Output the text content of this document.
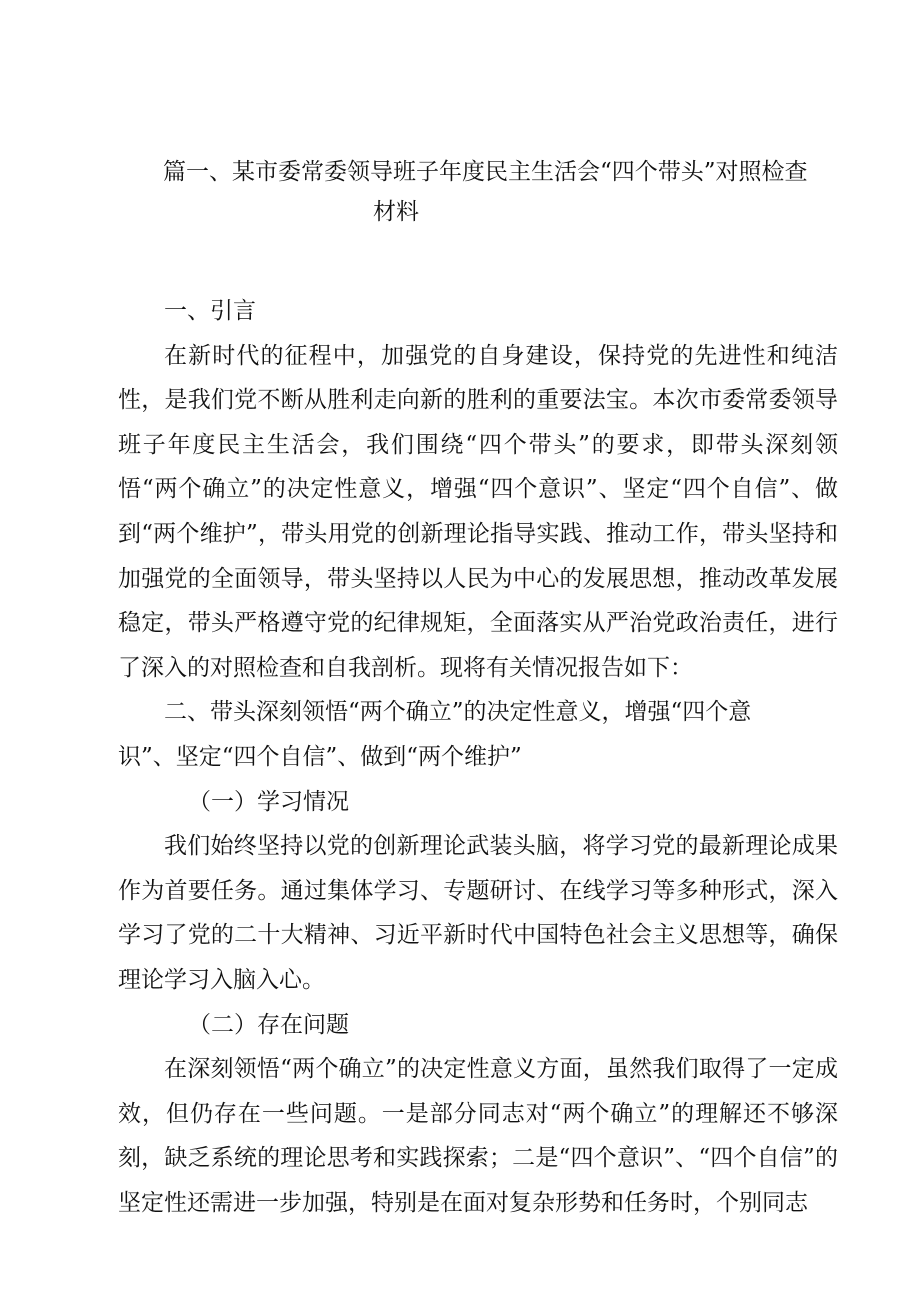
篇一、某市委常委领导班子年度民主生活会“四个带头”对照检查
材料

一、引言

在新时代的征程中，加强党的自身建设，保持党的先进性和纯洁性，是我们党不断从胜利走向新的胜利的重要法宝。本次市委常委领导班子年度民主生活会，我们围绕“四个带头”的要求，即带头深刻领悟“两个确立”的决定性意义，增强“四个意识”、坚定“四个自信”、做到“两个维护”，带头用党的创新理论指导实践、推动工作，带头坚持和加强党的全面领导，带头坚持以人民为中心的发展思想，推动改革发展稳定，带头严格遵守党的纪律规矩，全面落实从严治党政治责任，进行了深入的对照检查和自我剖析。现将有关情况报告如下：

二、带头深刻领悟“两个确立”的决定性意义，增强“四个意识”、坚定“四个自信”、做到“两个维护”

（一）学习情况

我们始终坚持以党的创新理论武装头脑，将学习党的最新理论成果作为首要任务。通过集体学习、专题研讨、在线学习等多种形式，深入学习了党的二十大精神、习近平新时代中国特色社会主义思想等，确保理论学习入脑入心。

（二）存在问题

在深刻领悟“两个确立”的决定性意义方面，虽然我们取得了一定成效，但仍存在一些问题。一是部分同志对“两个确立”的理解还不够深刻，缺乏系统的理论思考和实践探索；二是“四个意识”、“四个自信”的坚定性还需进一步加强，特别是在面对复杂形势和任务时，个别同志
